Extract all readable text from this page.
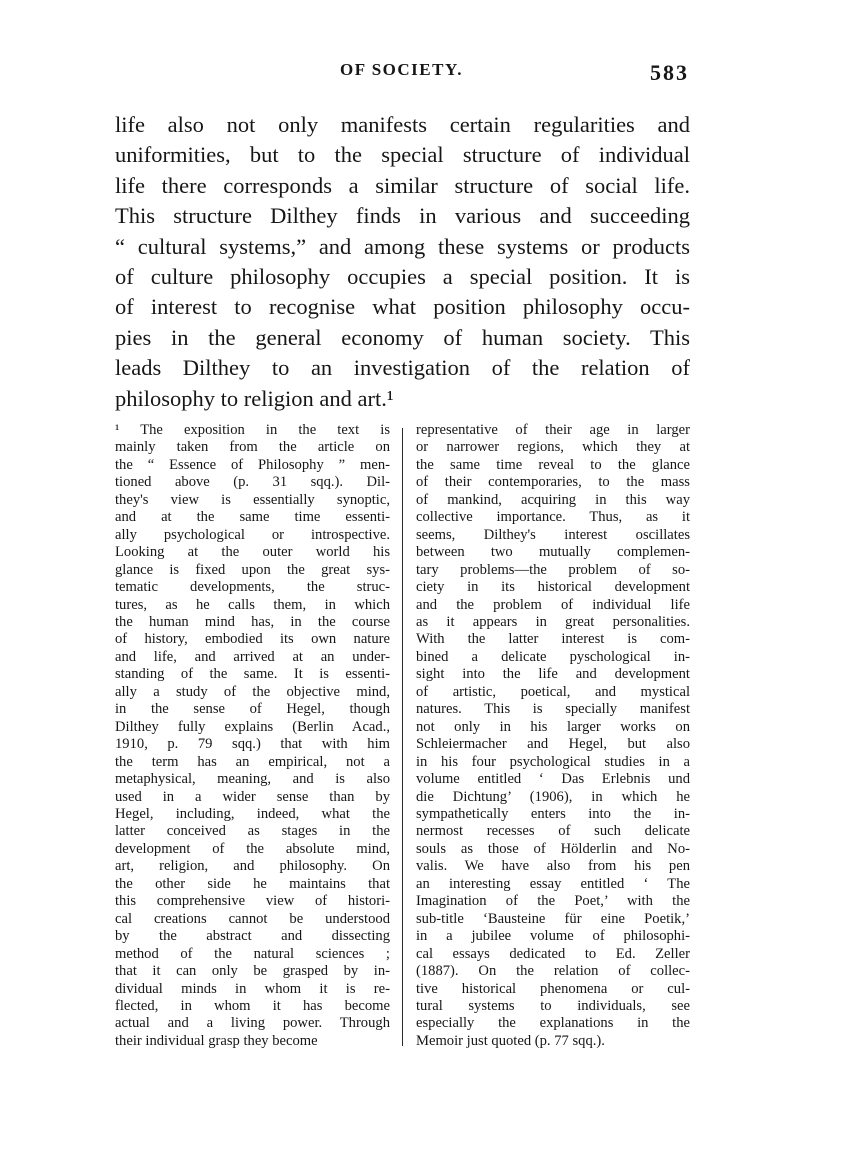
OF SOCIETY.	583
life also not only manifests certain regularities and
uniformities, but to the special structure of individual
life there corresponds a similar structure of social life.
This structure Dilthey finds in various and succeeding
“ cultural systems,” and among these systems or products
of culture philosophy occupies a special position. It is
of interest to recognise what position philosophy occu-
pies in the general economy of human society. This
leads Dilthey to an investigation of the relation of
philosophy to religion and art.¹
¹ The exposition in the text is
mainly taken from the article on
the “ Essence of Philosophy ” men-
tioned above (p. 31 sqq.). Dil-
they's view is essentially synoptic,
and at the same time essenti-
ally psychological or introspective.
Looking at the outer world his
glance is fixed upon the great sys-
tematic developments, the struc-
tures, as he calls them, in which
the human mind has, in the course
of history, embodied its own nature
and life, and arrived at an under-
standing of the same. It is essenti-
ally a study of the objective mind,
in the sense of Hegel, though
Dilthey fully explains (Berlin Acad.,
1910, p. 79 sqq.) that with him
the term has an empirical, not a
metaphysical, meaning, and is also
used in a wider sense than by
Hegel, including, indeed, what the
latter conceived as stages in the
development of the absolute mind,
art, religion, and philosophy. On
the other side he maintains that
this comprehensive view of histori-
cal creations cannot be understood
by the abstract and dissecting
method of the natural sciences ;
that it can only be grasped by in-
dividual minds in whom it is re-
flected, in whom it has become
actual and a living power. Through
their individual grasp they become
representative of their age in larger
or narrower regions, which they at
the same time reveal to the glance
of their contemporaries, to the mass
of mankind, acquiring in this way
collective importance. Thus, as it
seems, Dilthey's interest oscillates
between two mutually complemen-
tary problems—the problem of so-
ciety in its historical development
and the problem of individual life
as it appears in great personalities.
With the latter interest is com-
bined a delicate pyschological in-
sight into the life and development
of artistic, poetical, and mystical
natures. This is specially manifest
not only in his larger works on
Schleiermacher and Hegel, but also
in his four psychological studies in a
volume entitled ‘ Das Erlebnis und
die Dichtung’ (1906), in which he
sympathetically enters into the in-
nermost recesses of such delicate
souls as those of Hölderlin and No-
valis. We have also from his pen
an interesting essay entitled ‘ The
Imagination of the Poet,’ with the
sub-title ‘Bausteine für eine Poetik,’
in a jubilee volume of philosophi-
cal essays dedicated to Ed. Zeller
(1887). On the relation of collec-
tive historical phenomena or cul-
tural systems to individuals, see
especially the explanations in the
Memoir just quoted (p. 77 sqq.).
